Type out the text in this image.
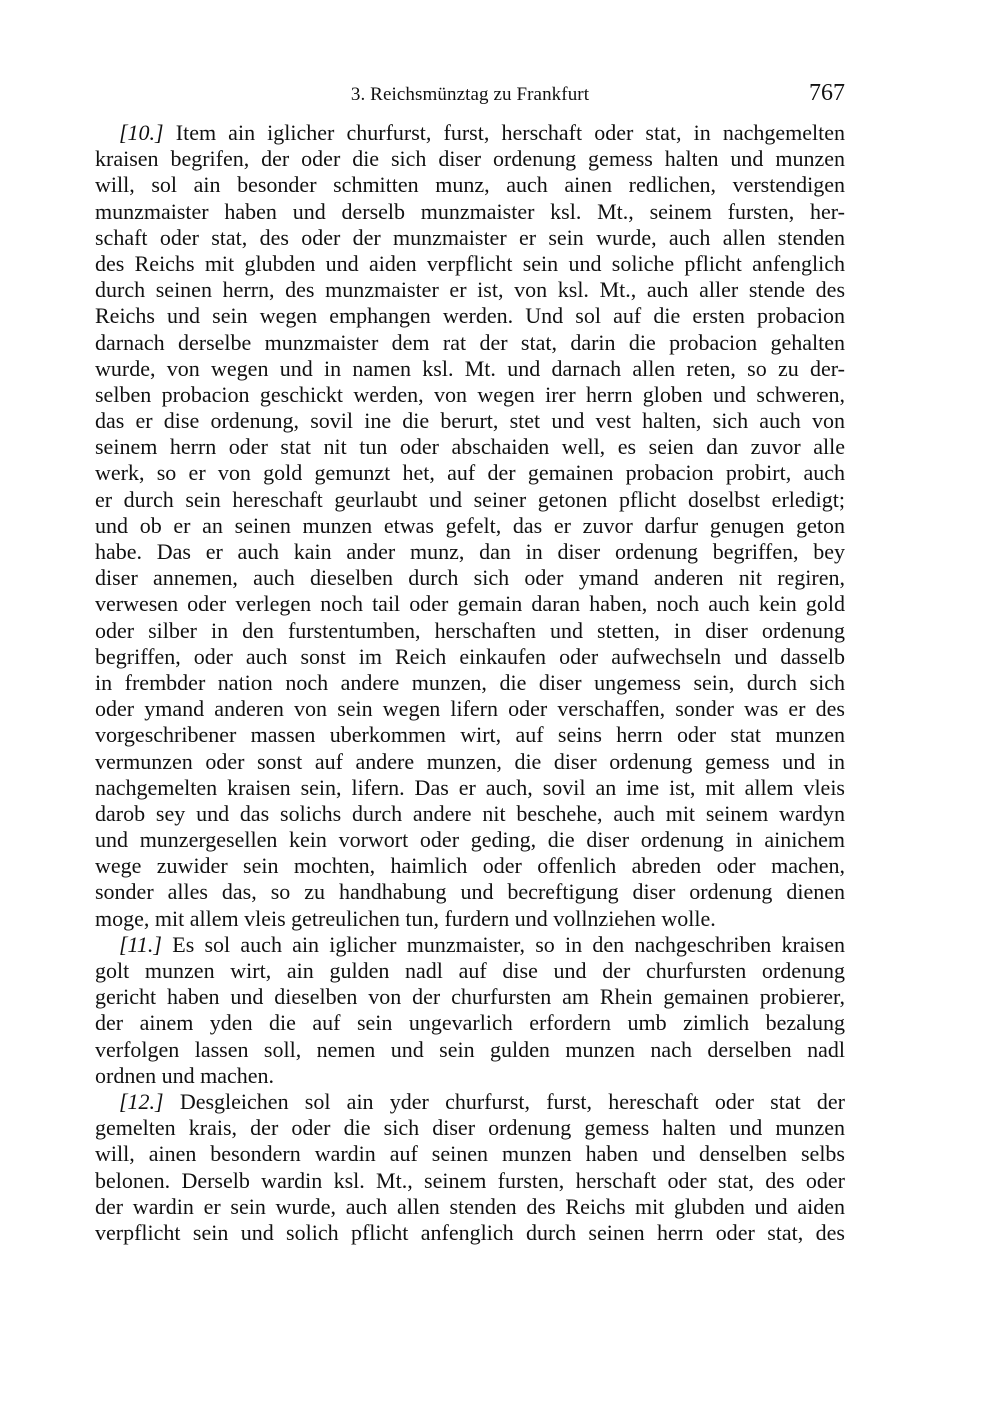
3. Reichsmünztag zu Frankfurt	767
[10.] Item ain iglicher churfurst, furst, herschaft oder stat, in nachgemelten
kraisen begrifen, der oder die sich diser ordenung gemess halten und munzen
will, sol ain besonder schmitten munz, auch ainen redlichen, verstendigen
munzmaister haben und derselb munzmaister ksl. Mt., seinem fursten, her-
schaft oder stat, des oder der munzmaister er sein wurde, auch allen stenden
des Reichs mit glubden und aiden verpflicht sein und soliche pflicht anfenglich
durch seinen herrn, des munzmaister er ist, von ksl. Mt., auch aller stende des
Reichs und sein wegen emphangen werden. Und sol auf die ersten probacion
darnach derselbe munzmaister dem rat der stat, darin die probacion gehalten
wurde, von wegen und in namen ksl. Mt. und darnach allen reten, so zu der-
selben probacion geschickt werden, von wegen irer herrn globen und schweren,
das er dise ordenung, sovil ine die berurt, stet und vest halten, sich auch von
seinem herrn oder stat nit tun oder abschaiden well, es seien dan zuvor alle
werk, so er von gold gemunzt het, auf der gemainen probacion probirt, auch
er durch sein hereschaft geurlaubt und seiner getonen pflicht doselbst erledigt;
und ob er an seinen munzen etwas gefelt, das er zuvor darfur genugen geton
habe. Das er auch kain ander munz, dan in diser ordenung begriffen, bey
diser annemen, auch dieselben durch sich oder ymand anderen nit regiren,
verwesen oder verlegen noch tail oder gemain daran haben, noch auch kein gold
oder silber in den furstentumben, herschaften und stetten, in diser ordenung
begriffen, oder auch sonst im Reich einkaufen oder aufwechseln und dasselb
in frembder nation noch andere munzen, die diser ungemess sein, durch sich
oder ymand anderen von sein wegen lifern oder verschaffen, sonder was er des
vorgeschribener massen uberkommen wirt, auf seins herrn oder stat munzen
vermunzen oder sonst auf andere munzen, die diser ordenung gemess und in
nachgemelten kraisen sein, lifern. Das er auch, sovil an ime ist, mit allem vleis
darob sey und das solichs durch andere nit beschehe, auch mit seinem wardyn
und munzergesellen kein vorwort oder geding, die diser ordenung in ainichem
wege zuwider sein mochten, haimlich oder offenlich abreden oder machen,
sonder alles das, so zu handhabung und becreftigung diser ordenung dienen
moge, mit allem vleis getreulichen tun, furdern und vollnziehen wolle.
[11.] Es sol auch ain iglicher munzmaister, so in den nachgeschriben kraisen
golt munzen wirt, ain gulden nadl auf dise und der churfursten ordenung
gericht haben und dieselben von der churfursten am Rhein gemainen probierer,
der ainem yden die auf sein ungevarlich erfordern umb zimlich bezalung
verfolgen lassen soll, nemen und sein gulden munzen nach derselben nadl
ordnen und machen.
[12.] Desgleichen sol ain yder churfurst, furst, hereschaft oder stat der
gemelten krais, der oder die sich diser ordenung gemess halten und munzen
will, ainen besondern wardin auf seinen munzen haben und denselben selbs
belonen. Derselb wardin ksl. Mt., seinem fursten, herschaft oder stat, des oder
der wardin er sein wurde, auch allen stenden des Reichs mit glubden und aiden
verpflicht sein und solich pflicht anfenglich durch seinen herrn oder stat, des
